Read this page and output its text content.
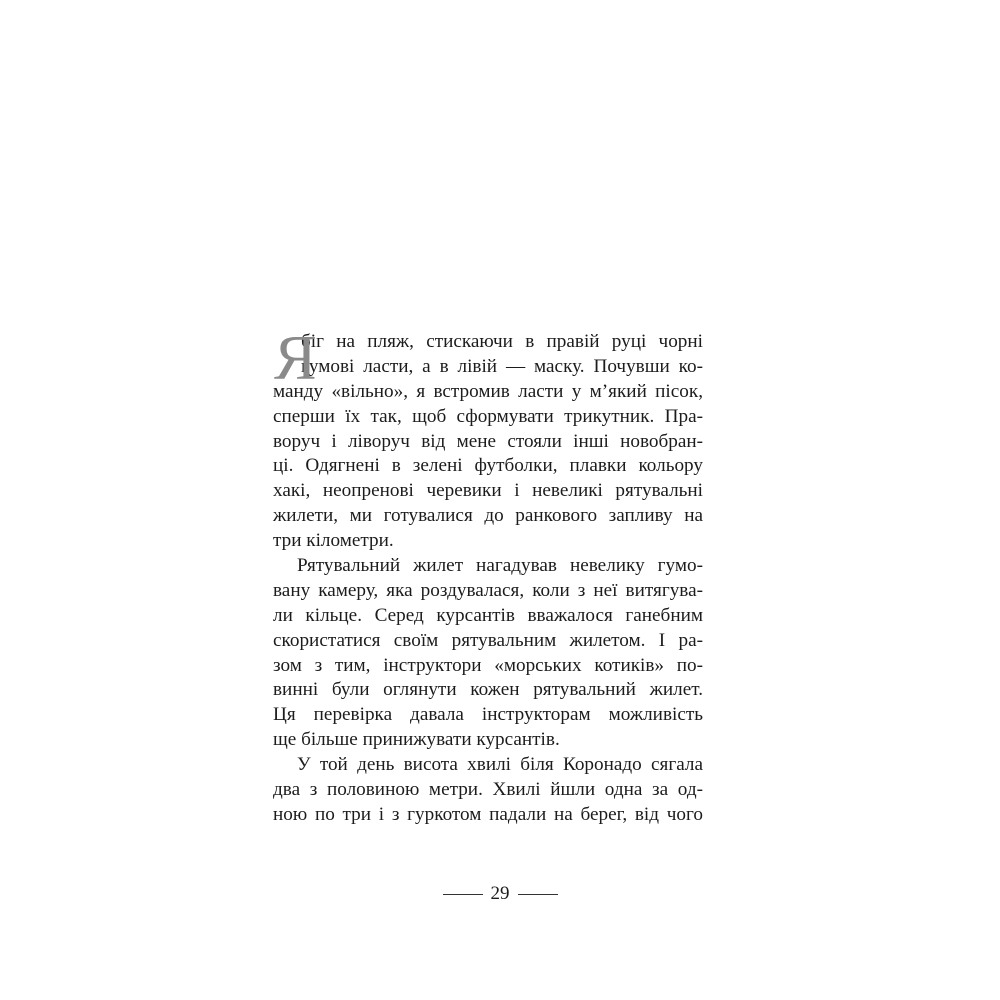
Я
біг на пляж, стискаючи в правій руці чорні
гумові ласти, а в лівій — маску. Почувши ко-
манду «вільно», я встромив ласти у м’який пісок,
сперши їх так, щоб сформувати трикутник. Пра-
воруч і ліворуч від мене стояли інші новобран-
ці. Одягнені в зелені футболки, плавки кольору
хакі, неопренові черевики і невеликі рятувальні
жилети, ми готувалися до ранкового запливу на
три кілометри.
Рятувальний жилет нагадував невелику гумо-
вану камеру, яка роздувалася, коли з неї витягува-
ли кільце. Серед курсантів вважалося ганебним
скористатися своїм рятувальним жилетом. І ра-
зом з тим, інструктори «морських котиків» по-
винні були оглянути кожен рятувальний жилет.
Ця перевірка давала інструкторам можливість
ще більше принижувати курсантів.
У той день висота хвилі біля Коронадо сягала
два з половиною метри. Хвилі йшли одна за од-
ною по три і з гуркотом падали на берег, від чого
29
